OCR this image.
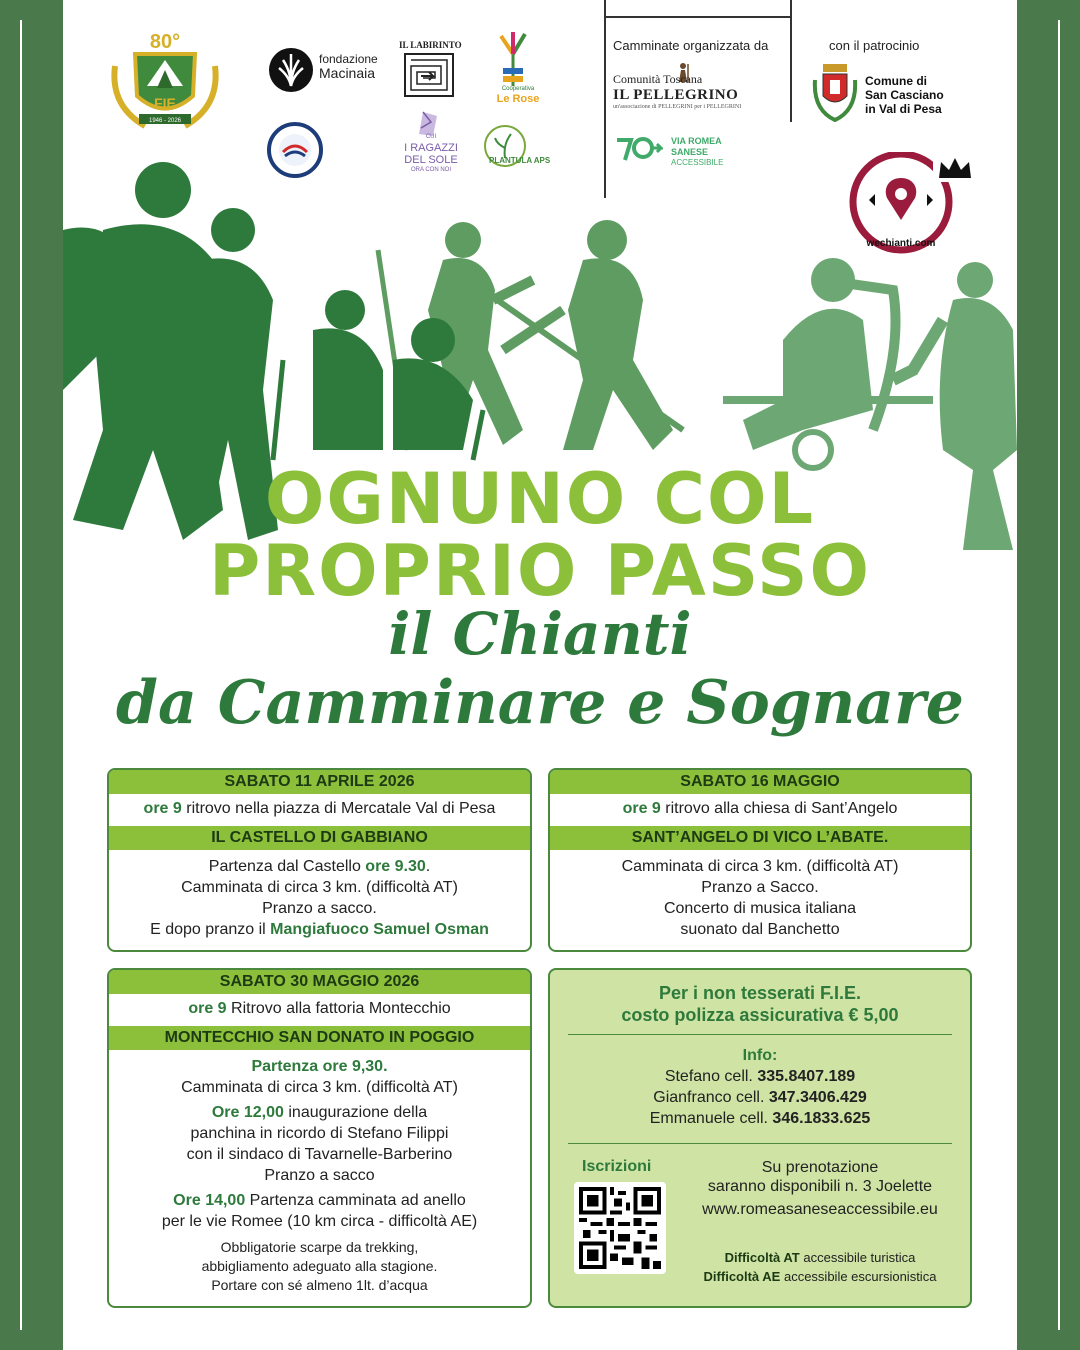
1946 - 2026
80°
FIE
fondazione
Macinaia
IL LABIRINTO
CUI
I RAGAZZI
DEL SOLE
ORA CON NOI
Cooperativa
Le Rose
PLANTULA APS
Camminate organizzata da
Comunità Toscana
IL PELLEGRINO
un'associazione di PELLEGRINI per i PELLEGRINI
VIA ROMEA
SANESE
ACCESSIBILE
con il patrocinio
Comune di
San Casciano
in Val di Pesa
wechianti.com
OGNUNO COL
PROPRIO PASSO
il Chianti
da Camminare e Sognare
SABATO 11 APRILE 2026
ore 9 ritrovo nella piazza di Mercatale Val di Pesa
IL CASTELLO DI GABBIANO
Partenza dal Castello ore 9.30.
Camminata di circa 3 km. (difficoltà AT)
Pranzo a sacco.
E dopo pranzo il Mangiafuoco Samuel Osman
SABATO 16 MAGGIO
ore 9 ritrovo alla chiesa di Sant’Angelo
SANT’ANGELO DI VICO L’ABATE.
Camminata di circa 3 km. (difficoltà AT)
Pranzo a Sacco.
Concerto di musica italiana
suonato dal Banchetto
SABATO 30 MAGGIO 2026
ore 9 Ritrovo alla fattoria Montecchio
MONTECCHIO SAN DONATO IN POGGIO
Partenza ore 9,30.
Camminata di circa 3 km. (difficoltà AT)
Ore 12,00 inaugurazione della
panchina in ricordo di Stefano Filippi
con il sindaco di Tavarnelle-Barberino
Pranzo a sacco
Ore 14,00 Partenza camminata ad anello
per le vie Romee (10 km circa - difficoltà AE)
Obbligatorie scarpe da trekking,
abbigliamento adeguato alla stagione.
Portare con sé almeno 1lt. d’acqua
Per i non tesserati F.I.E.
costo polizza assicurativa € 5,00
Info:
Stefano cell. 335.8407.189
Gianfranco cell. 347.3406.429
Emmanuele cell. 346.1833.625
Iscrizioni	Su prenotazione
saranno disponibili n. 3 Joelette
www.romeasaneseaccessibile.eu
Difficoltà AT accessibile turistica
Difficoltà AE accessibile escursionistica
